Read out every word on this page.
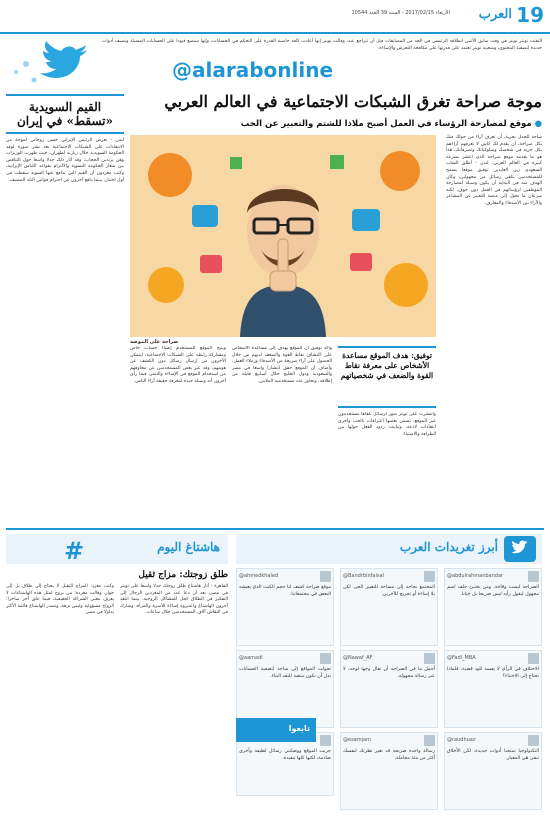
19
العرب
الأربعاء 2017/02/15 - السنة 39 العدد 10544
التفتت تويتر تويتر في وقت سابق الأثنين انطلاقه الرئيسي في الحد من المضايقات قبل أن تتراجع عنه، وقالت تويتر إنها أعادت كافة خاصية القدرة على التحكم في الحسابات، وإنها ستضع قيودا على الحسابات المسيئة وتضيف أدوات جديدة لتصفية المحتوى، وشعبية تويتر تعتمد على قدرتها على مكافحة التحرش والإساءة.
@alarabonline
القيم السويدية «تسقط» في إيران
لندن - تعرض الرئيس الإيراني حسن روحاني لموجة من الانتقادات على الشبكات الاجتماعية بعد نشر صورة لوفد الحكومة السويدية خلال زيارته لطهران، حيث ظهرت الوزيرات وهن يرتدين الحجاب، وقد أثار ذلك جدلا واسعا حول التناقض بين شعار الحكومة النسوية والالتزام بقواعد اللباس الإيرانية، وكتب مغردون أن القيم التي تدافع عنها السويد سقطت في أول اختبار، بينما دافع آخرون عن احترام قوانين البلد المضيف.
موجة صراحة تغرق الشبكات الاجتماعية في العالم العربي
● موقع لمصارحة الرؤساء في العمل أصبح ملاذا للشتم والتعبير عن الحب
ساحة للجدل بحرية، أن تعرف آراء من حولك فيك بكل صراحة، أن يقدم لك أناس لا تعرفهم آراءهم بكل حرية في شخصك وسلوكياتك وتصرفاتك، هذا هو ما يقدمه موقع صراحة الذي انتشر بسرعة كبيرة في العالم العربي. لندن - أطلق الشاب السعودي زين العابدين توفيق موقعا يسمح للمستخدمين بتلقي رسائل من مجهولين، وكان الهدف منه في البداية أن يكون وسيلة لمصارحة الموظفين لرؤسائهم في العمل دون خوف، لكنه سرعان ما تحول إلى منصة للتعبير عن المشاعر والآراء بين الأصدقاء والمعارف.
صراحة على الموضة
وأكد توفيق أن الموقع يهدف إلى مساعدة الأشخاص على اكتشاف نقاط القوة والضعف لديهم من خلال الحصول على آراء صريحة من الأصدقاء وزملاء العمل، وأضاف أن الموقع حقق انتشارا واسعا في مصر والسعودية ودول الخليج خلال أسابيع قليلة من إطلاقه، وتجاوز عدد مستخدميه الملايين.
ويتيح الموقع للمستخدم إنشاء حساب خاص ومشاركة رابطه على الشبكات الاجتماعية، ليتمكن الآخرون من إرسال رسائل دون الكشف عن هويتهم، وقد عبر بعض المستخدمين عن مخاوفهم من استخدام الموقع في الإساءة والتنمر، فيما رأى آخرون أنه وسيلة جيدة لمعرفة حقيقة آراء الناس.
توفيق: هدف الموقع مساعدة الأشخاص على معرفة نقاط القوة والضعف في شخصياتهم
وانتشرت على تويتر صور لرسائل تلقاها مستخدمون عبر الموقع، تضمن بعضها اعترافات بالحب وأخرى انتقادات لاذعة، وتباينت ردود الفعل حولها بين الطرافة والاستياء.
أبرز تغريدات العرب
هاشتاغ اليوم
#
@abdulrahmanbandar
الصراحة ليست وقاحة، ومن يختبئ خلف اسم مجهول ليقول رأيه ليس صريحا بل جبانا.
@Bandrbinfaisal
المجتمع بحاجة إلى مساحة للتعبير الحر، لكن بلا إساءة أو تجريح للآخرين.
@ahmedkhaled
موقع صراحة كشف لنا حجم الكبت الذي يعيشه البعض في مجتمعاتنا.
@Fadl_MBA
الاختلاف في الرأي لا يفسد للود قضية، فلماذا نحتاج إلى الاختباء؟
@Nawaf_AF
أجمل ما في الصراحة أن تقال وجها لوجه، لا عبر رسالة مجهولة.
@aamadi
تحولت المواقع إلى ساحة لتصفية الحسابات بدل أن تكون منصة للنقد البناء.
@raudhuaz
التكنولوجيا تمنحنا أدوات جديدة، لكن الأخلاق تبقى هي المعيار.
@esamjam
رسالة واحدة صريحة قد تغير نظرتك لنفسك أكثر من مئة مجاملة.
جربت الموقع ووصلتني رسائل لطيفة وأخرى صادمة، لكنها كلها مفيدة.
تابعوا
طلق زوجتك: مزاج ثقيل
القاهرة - أثار هاشتاغ طلق زوجتك جدلا واسعا على تويتر في مصر، بعد أن دعا عدد من المغردين الرجال إلى التفكير في الطلاق كحل للمشاكل الزوجية، بينما انتقد آخرون الهاشتاغ واعتبروه إساءة للأسرة والمرأة، وشارك في النقاش آلاف المستخدمين خلال ساعات.
وكتب مغرد: المزاج الثقيل لا يحتاج إلى طلاق بل إلى حوار، وقالت مغردة: من يروج لمثل هذه الهاشتاغات لا يعرف معنى الشراكة الحقيقية، فيما علق آخر ساخرا: الزواج مسؤولية وليس نزهة، وتصدر الهاشتاغ قائمة الأكثر تداولا في مصر.
